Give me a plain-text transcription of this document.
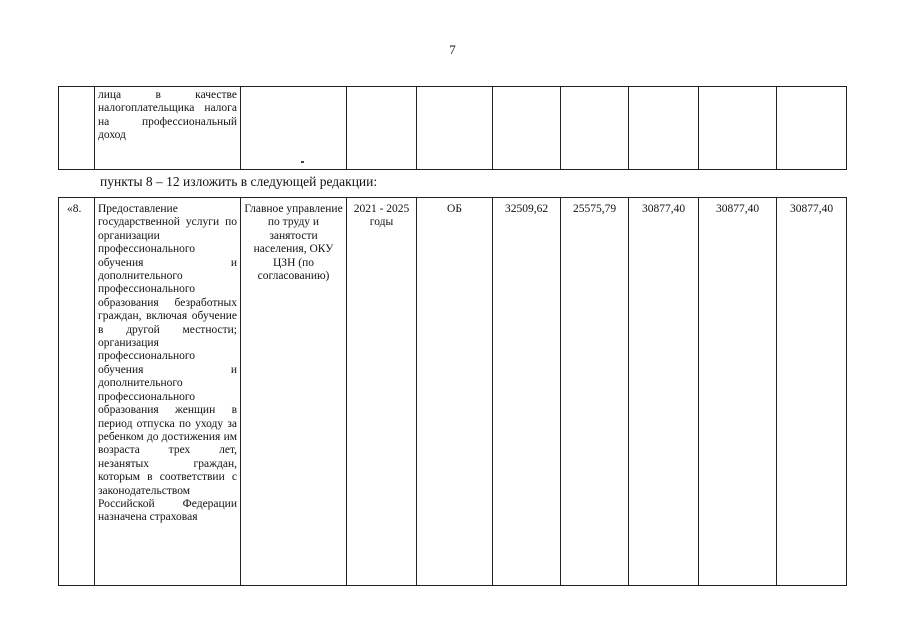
7
	лица в качестве налогоплательщика налога на профессиональный доход								
пункты 8 – 12 изложить в следующей редакции:
«8.	Предоставление государственной услуги по организации профессионального обучения и дополнительного профессионального образования безработных граждан, включая обучение в другой местности; организация профессионального обучения и дополнительного профессионального образования женщин в период отпуска по уходу за ребенком до достижения им возраста трех лет, незанятых граждан, которым в соответствии с законодательством Российской Федерации назначена страховая	Главное управление по труду и занятости населения, ОКУ ЦЗН (по согласованию)	2021 - 2025 годы	ОБ	32509,62	25575,79	30877,40	30877,40	30877,40
